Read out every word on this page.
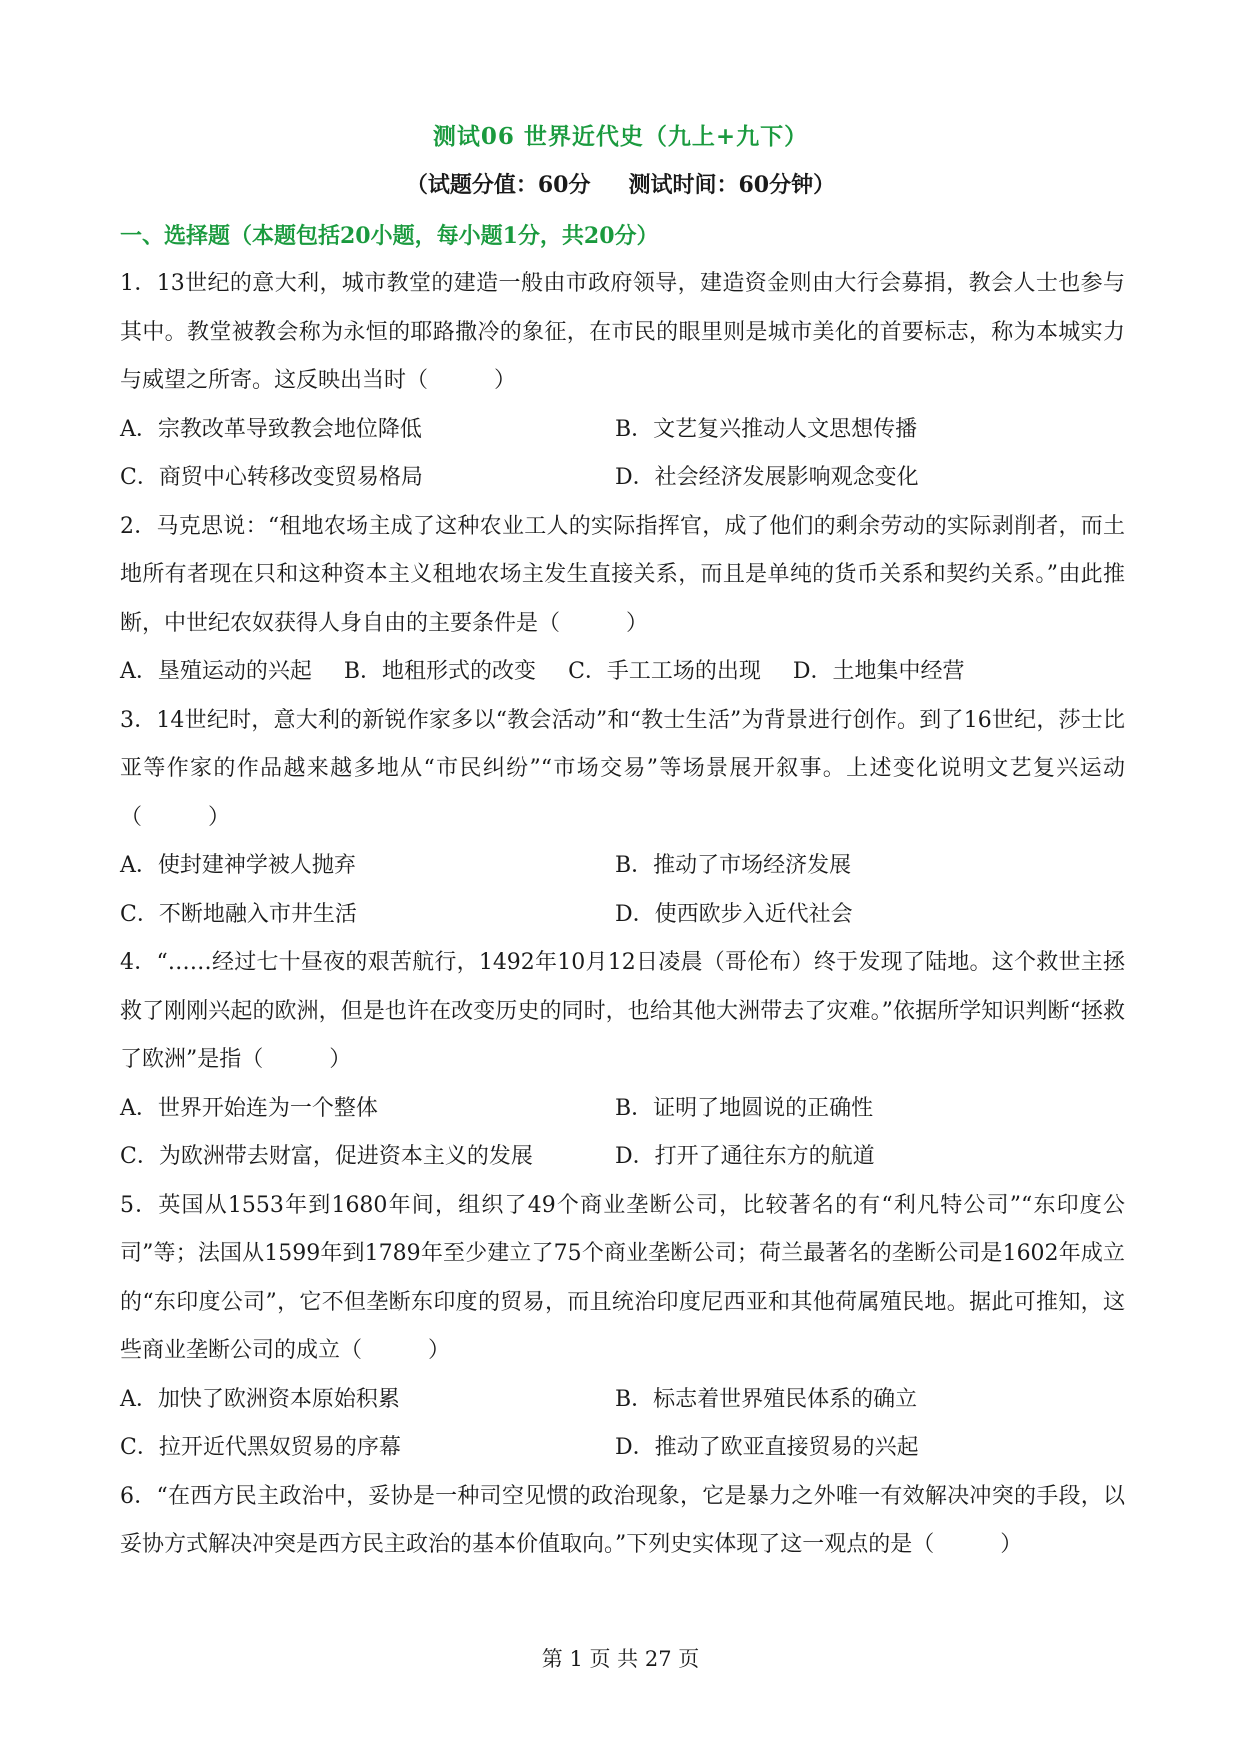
测试06 世界近代史（九上+九下）
（试题分值：60分 测试时间：60分钟）
一、选择题（本题包括20小题，每小题1分，共20分）

1．13世纪的意大利，城市教堂的建造一般由市政府领导，建造资金则由大行会募捐，教会人士也参与其中。教堂被教会称为永恒的耶路撒冷的象征，在市民的眼里则是城市美化的首要标志，称为本城实力与威望之所寄。这反映出当时（　　　）

A．宗教改革导致教会地位降低	B．文艺复兴推动人文思想传播
C．商贸中心转移改变贸易格局	D．社会经济发展影响观念变化

2．马克思说：“租地农场主成了这种农业工人的实际指挥官，成了他们的剩余劳动的实际剥削者，而土地所有者现在只和这种资本主义租地农场主发生直接关系，而且是单纯的货币关系和契约关系。”由此推断，中世纪农奴获得人身自由的主要条件是（　　　）

A．垦殖运动的兴起 B．地租形式的改变 C．手工工场的出现 D．土地集中经营

3．14世纪时，意大利的新锐作家多以“教会活动”和“教士生活”为背景进行创作。到了16世纪，莎士比亚等作家的作品越来越多地从“市民纠纷”“市场交易”等场景展开叙事。上述变化说明文艺复兴运动（　　　）

A．使封建神学被人抛弃	B．推动了市场经济发展
C．不断地融入市井生活	D．使西欧步入近代社会

4．“……经过七十昼夜的艰苦航行，1492年10月12日凌晨（哥伦布）终于发现了陆地。这个救世主拯救了刚刚兴起的欧洲，但是也许在改变历史的同时，也给其他大洲带去了灾难。”依据所学知识判断“拯救了欧洲”是指（　　　）

A．世界开始连为一个整体	B．证明了地圆说的正确性
C．为欧洲带去财富，促进资本主义的发展	D．打开了通往东方的航道

5．英国从1553年到1680年间，组织了49个商业垄断公司，比较著名的有“利凡特公司”“东印度公司”等；法国从1599年到1789年至少建立了75个商业垄断公司；荷兰最著名的垄断公司是1602年成立的“东印度公司”，它不但垄断东印度的贸易，而且统治印度尼西亚和其他荷属殖民地。据此可推知，这些商业垄断公司的成立（　　　）

A．加快了欧洲资本原始积累	B．标志着世界殖民体系的确立
C．拉开近代黑奴贸易的序幕	D．推动了欧亚直接贸易的兴起

6．“在西方民主政治中，妥协是一种司空见惯的政治现象，它是暴力之外唯一有效解决冲突的手段，以妥协方式解决冲突是西方民主政治的基本价值取向。”下列史实体现了这一观点的是（　　　）

第 1 页 共 27 页
